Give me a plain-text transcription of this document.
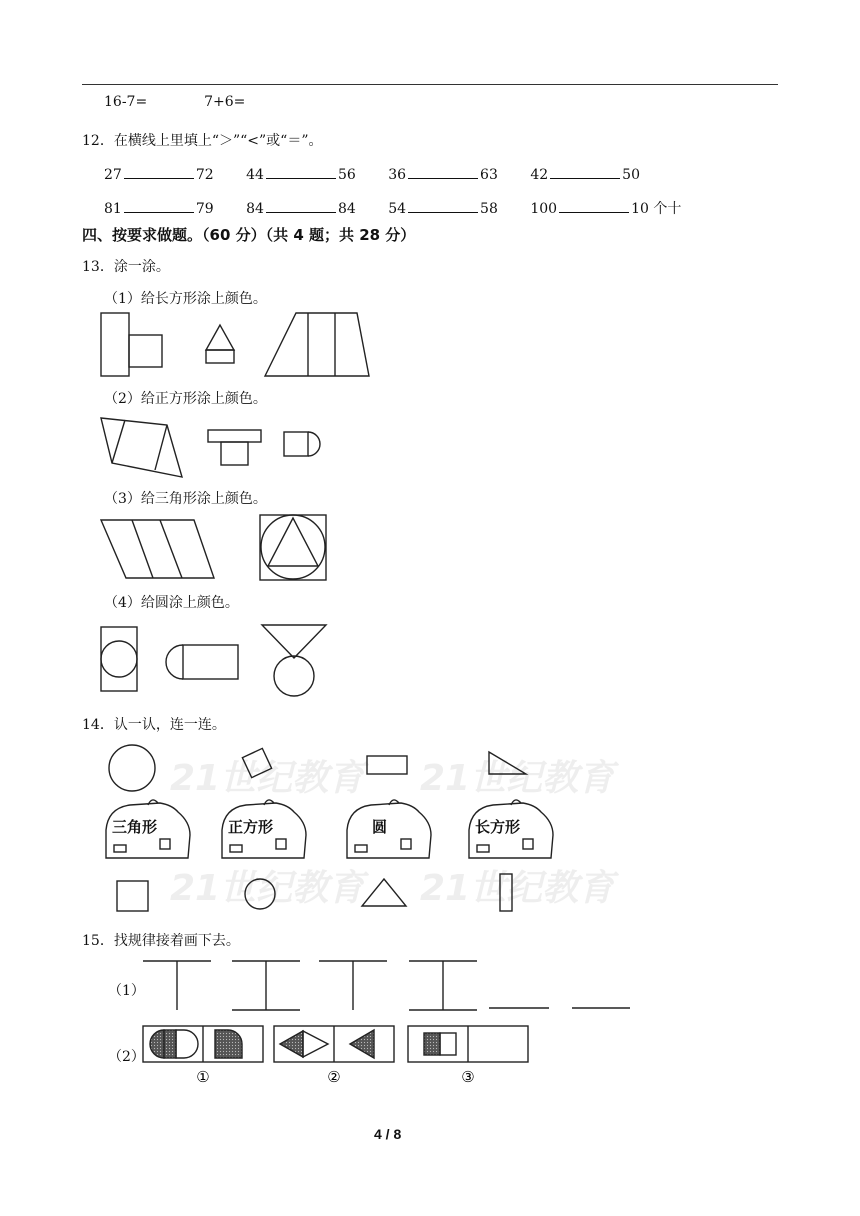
16-7=	7+6=
12．在横线上里填上“＞”“<”或“＝”。
27	72 44	56 36	63 42	50
81	79 84	84 54	58 100	10 个十
四、按要求做题。（60 分）（共 4 题；共 28 分）
13．涂一涂。
（1）给长方形涂上颜色。
（2）给正方形涂上颜色。
（3）给三角形涂上颜色。
（4）给圆涂上颜色。
14．认一认，连一连。
21世纪教育 21世纪教育
21世纪教育 21世纪教育
三角形	正方形	圆	长方形
15．找规律接着画下去。
（1）
（2）
①	②	③
4 / 8
